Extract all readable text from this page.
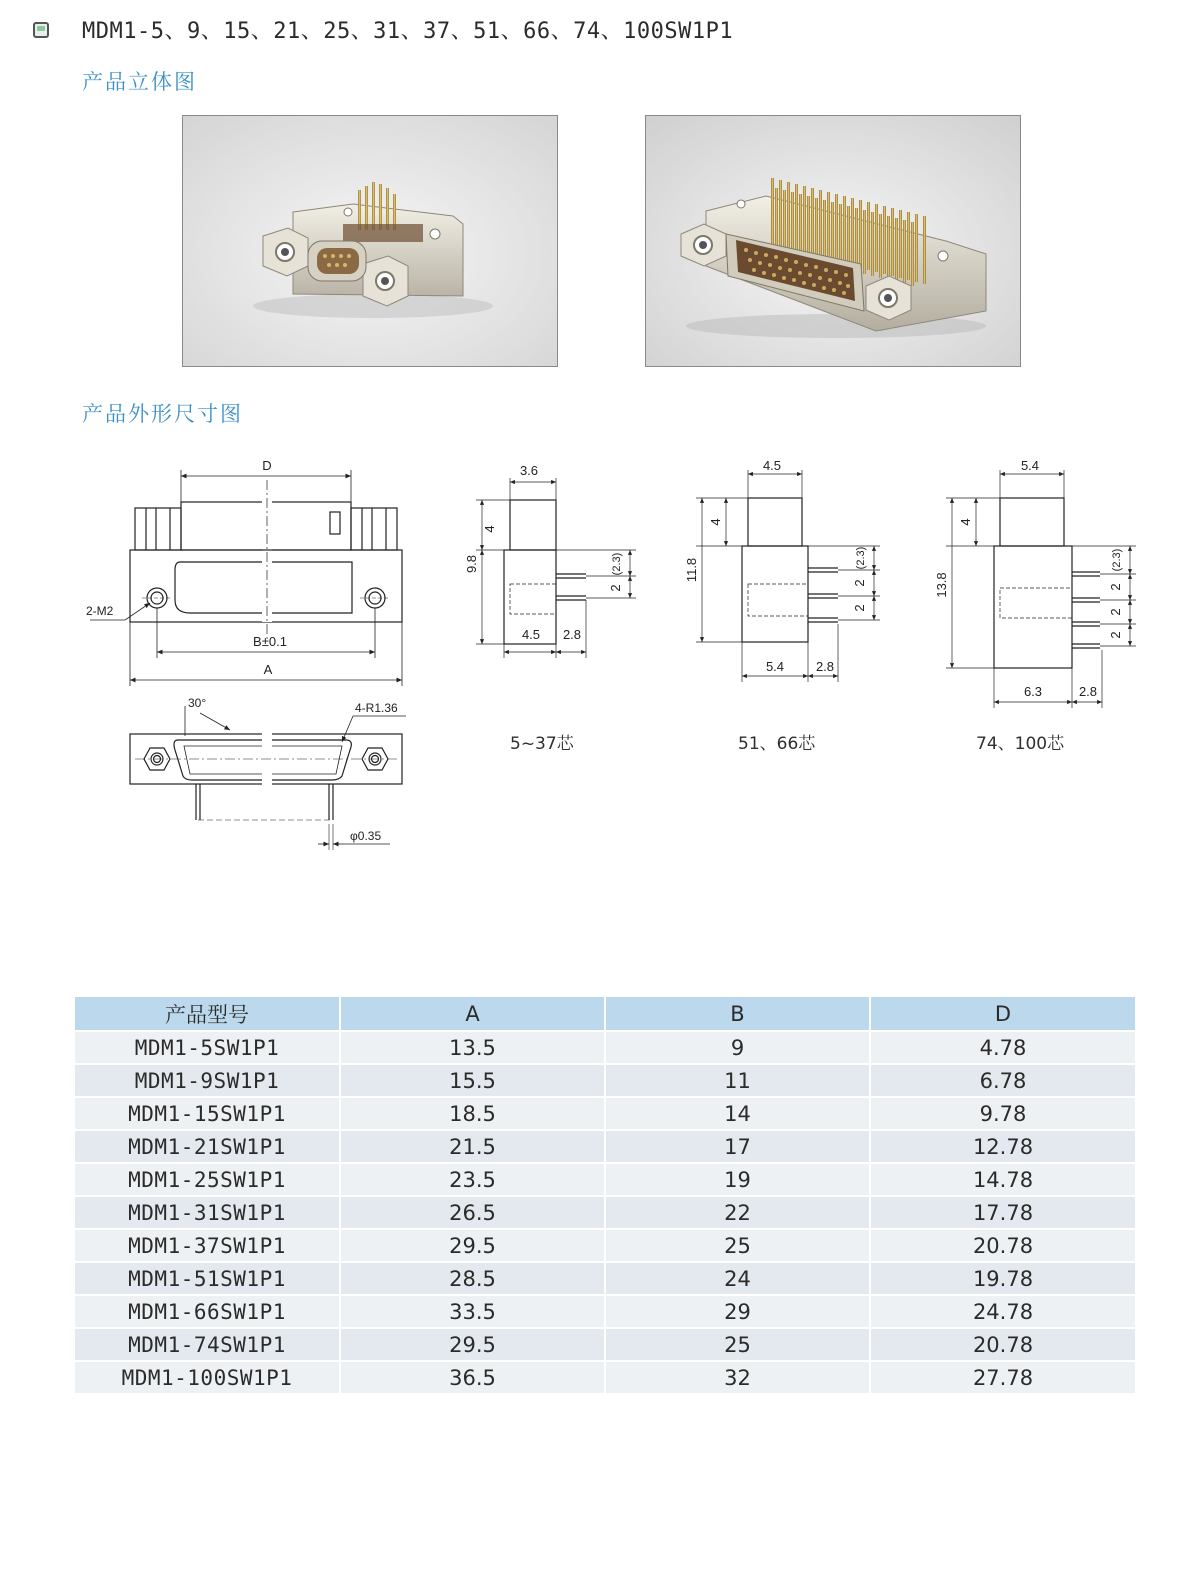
MDM1-5、9、15、21、25、31、37、51、66、74、100SW1P1
产品立体图
产品外形尺寸图
D
2-M2
B±0.1
A
30°	4-R1.36
φ0.35
3.6
4
9.8	(2.3)
2
4.5 2.8
4.5
4
11.8	(2.3)
2
2
5.4 2.8
5.4
4
13.8
(2.3)
2
2
2
6.3	2.8
5~37芯	51、66芯	74、100芯
产品型号	A	B	D
MDM1-5SW1P1	13.5	9	4.78
MDM1-9SW1P1	15.5	11	6.78
MDM1-15SW1P1	18.5	14	9.78
MDM1-21SW1P1	21.5	17	12.78
MDM1-25SW1P1	23.5	19	14.78
MDM1-31SW1P1	26.5	22	17.78
MDM1-37SW1P1	29.5	25	20.78
MDM1-51SW1P1	28.5	24	19.78
MDM1-66SW1P1	33.5	29	24.78
MDM1-74SW1P1	29.5	25	20.78
MDM1-100SW1P1	36.5	32	27.78
